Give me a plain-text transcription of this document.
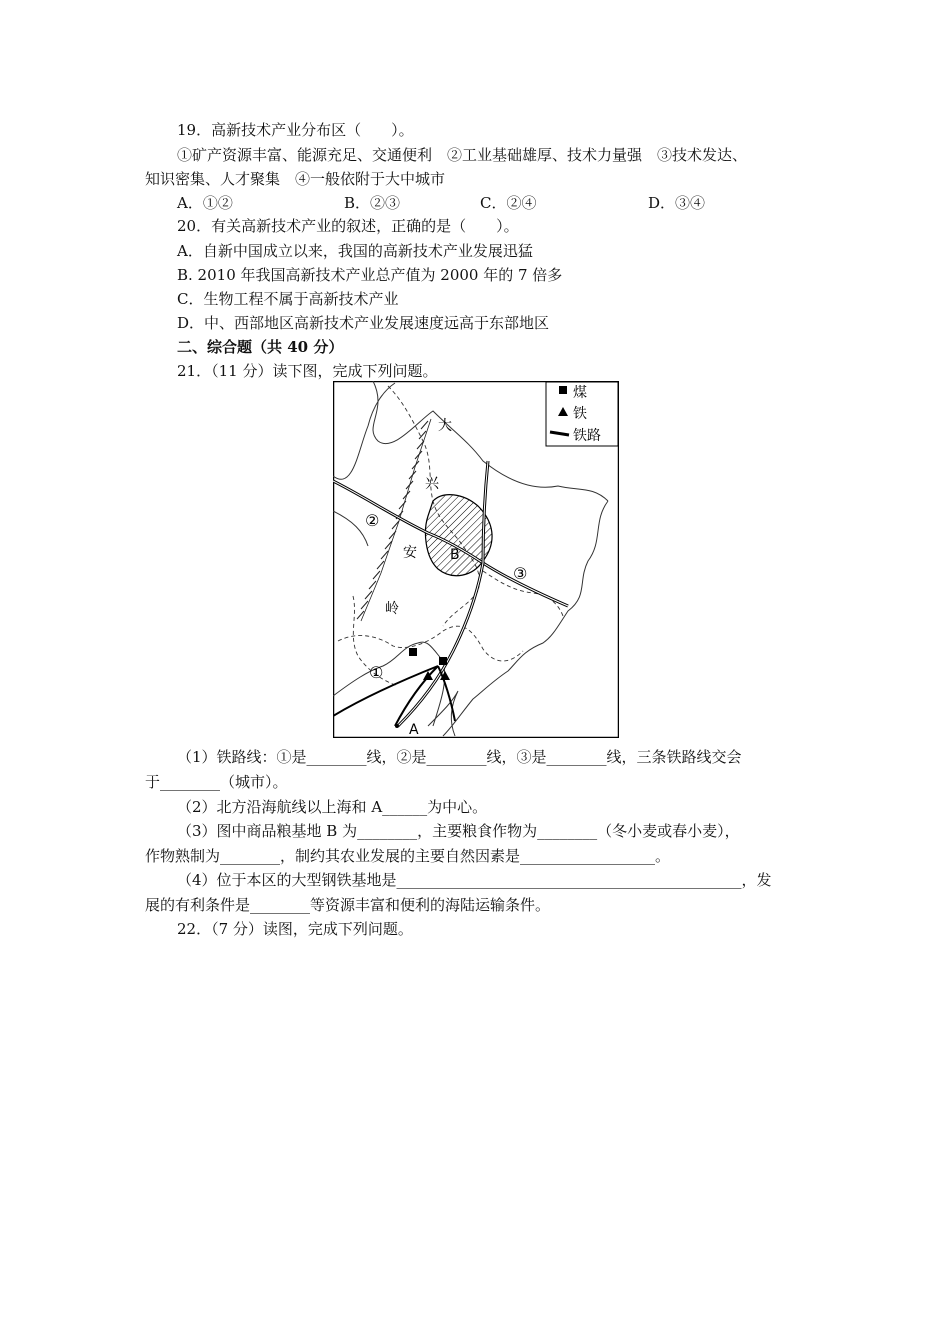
19．高新技术产业分布区（　　）。
①矿产资源丰富、能源充足、交通便利　②工业基础雄厚、技术力量强　③技术发达、
知识密集、人才聚集　④一般依附于大中城市
A．①②	B．②③	C．②④	D．③④
20．有关高新技术产业的叙述，正确的是（　　）。
A．自新中国成立以来，我国的高新技术产业发展迅猛
B. 2010 年我国高新技术产业总产值为 2000 年的 7 倍多
C．生物工程不属于高新技术产业
D．中、西部地区高新技术产业发展速度远高于东部地区
二、综合题（共 40 分）
21．（11 分）读下图，完成下列问题。
煤
铁
铁路
大
兴
安
岭
②
③
①
B
A
（1）铁路线：①是________线，②是________线，③是________线，三条铁路线交会
于________（城市）。
（2）北方沿海航线以上海和 A______为中心。
（3）图中商品粮基地 B 为________，主要粮食作物为________（冬小麦或春小麦），
作物熟制为________，制约其农业发展的主要自然因素是__________________。
（4）位于本区的大型钢铁基地是______________________________________________，发
展的有利条件是________等资源丰富和便利的海陆运输条件。
22．（7 分）读图，完成下列问题。
